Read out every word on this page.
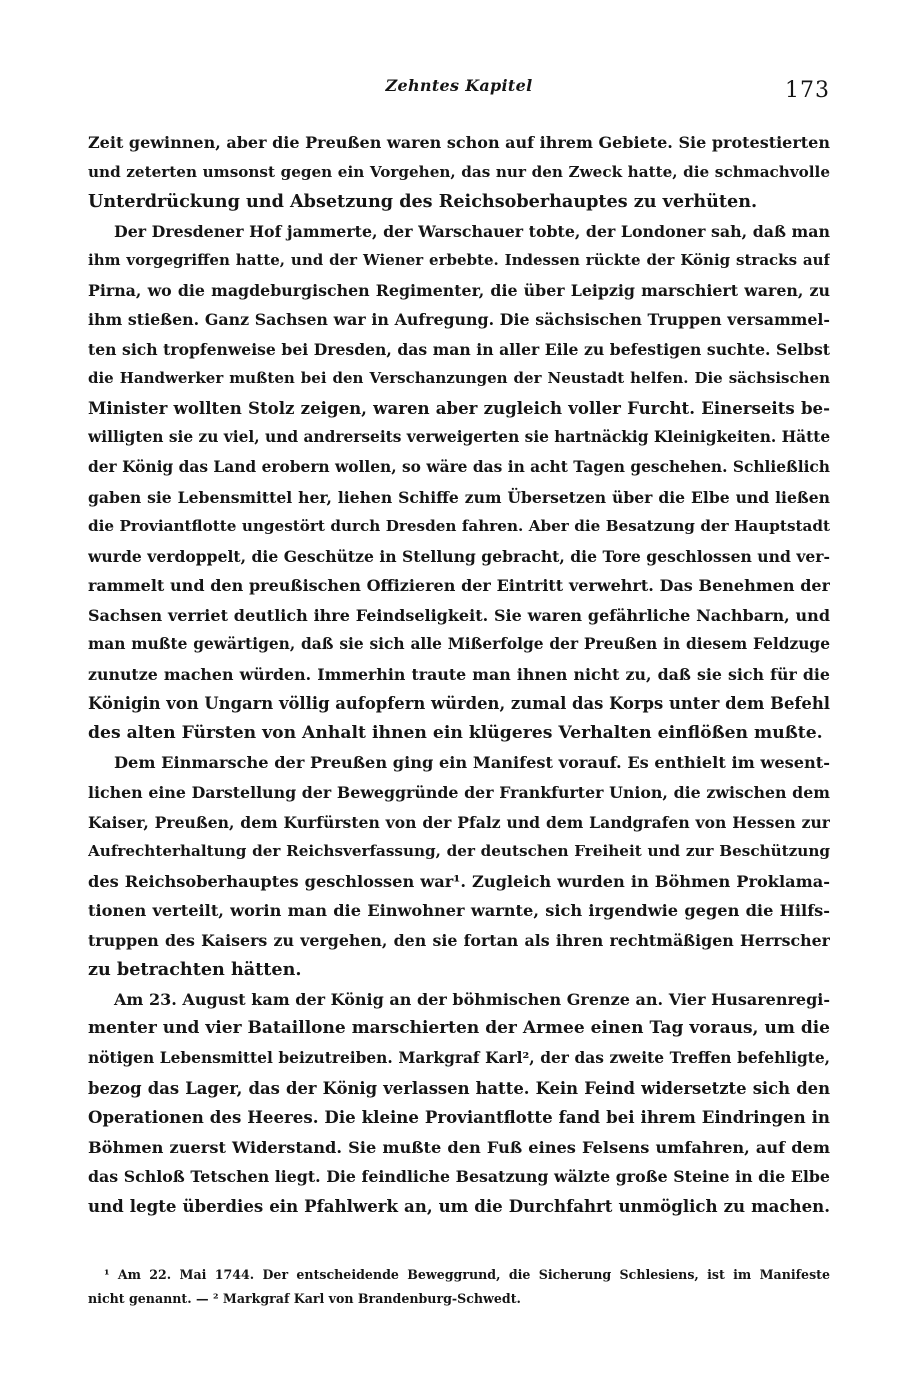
Zehntes Kapitel	173
Zeit gewinnen, aber die Preußen waren schon auf ihrem Gebiete. Sie protestierten
und zeterten umsonst gegen ein Vorgehen, das nur den Zweck hatte, die schmachvolle
Unterdrückung und Absetzung des Reichsoberhauptes zu verhüten.
Der Dresdener Hof jammerte, der Warschauer tobte, der Londoner sah, daß man
ihm vorgegriffen hatte, und der Wiener erbebte. Indessen rückte der König stracks auf
Pirna, wo die magdeburgischen Regimenter, die über Leipzig marschiert waren, zu
ihm stießen. Ganz Sachsen war in Aufregung. Die sächsischen Truppen versammel-
ten sich tropfenweise bei Dresden, das man in aller Eile zu befestigen suchte. Selbst
die Handwerker mußten bei den Verschanzungen der Neustadt helfen. Die sächsischen
Minister wollten Stolz zeigen, waren aber zugleich voller Furcht. Einerseits be-
willigten sie zu viel, und andrerseits verweigerten sie hartnäckig Kleinigkeiten. Hätte
der König das Land erobern wollen, so wäre das in acht Tagen geschehen. Schließlich
gaben sie Lebensmittel her, liehen Schiffe zum Übersetzen über die Elbe und ließen
die Proviantflotte ungestört durch Dresden fahren. Aber die Besatzung der Hauptstadt
wurde verdoppelt, die Geschütze in Stellung gebracht, die Tore geschlossen und ver-
rammelt und den preußischen Offizieren der Eintritt verwehrt. Das Benehmen der
Sachsen verriet deutlich ihre Feindseligkeit. Sie waren gefährliche Nachbarn, und
man mußte gewärtigen, daß sie sich alle Mißerfolge der Preußen in diesem Feldzuge
zunutze machen würden. Immerhin traute man ihnen nicht zu, daß sie sich für die
Königin von Ungarn völlig aufopfern würden, zumal das Korps unter dem Befehl
des alten Fürsten von Anhalt ihnen ein klügeres Verhalten einflößen mußte.
Dem Einmarsche der Preußen ging ein Manifest vorauf. Es enthielt im wesent-
lichen eine Darstellung der Beweggründe der Frankfurter Union, die zwischen dem
Kaiser, Preußen, dem Kurfürsten von der Pfalz und dem Landgrafen von Hessen zur
Aufrechterhaltung der Reichsverfassung, der deutschen Freiheit und zur Beschützung
des Reichsoberhauptes geschlossen war¹. Zugleich wurden in Böhmen Proklama-
tionen verteilt, worin man die Einwohner warnte, sich irgendwie gegen die Hilfs-
truppen des Kaisers zu vergehen, den sie fortan als ihren rechtmäßigen Herrscher
zu betrachten hätten.
Am 23. August kam der König an der böhmischen Grenze an. Vier Husarenregi-
menter und vier Bataillone marschierten der Armee einen Tag voraus, um die
nötigen Lebensmittel beizutreiben. Markgraf Karl², der das zweite Treffen befehligte,
bezog das Lager, das der König verlassen hatte. Kein Feind widersetzte sich den
Operationen des Heeres. Die kleine Proviantflotte fand bei ihrem Eindringen in
Böhmen zuerst Widerstand. Sie mußte den Fuß eines Felsens umfahren, auf dem
das Schloß Tetschen liegt. Die feindliche Besatzung wälzte große Steine in die Elbe
und legte überdies ein Pfahlwerk an, um die Durchfahrt unmöglich zu machen.
¹ Am 22. Mai 1744. Der entscheidende Beweggrund, die Sicherung Schlesiens, ist im Manifeste
nicht genannt. — ² Markgraf Karl von Brandenburg-Schwedt.
